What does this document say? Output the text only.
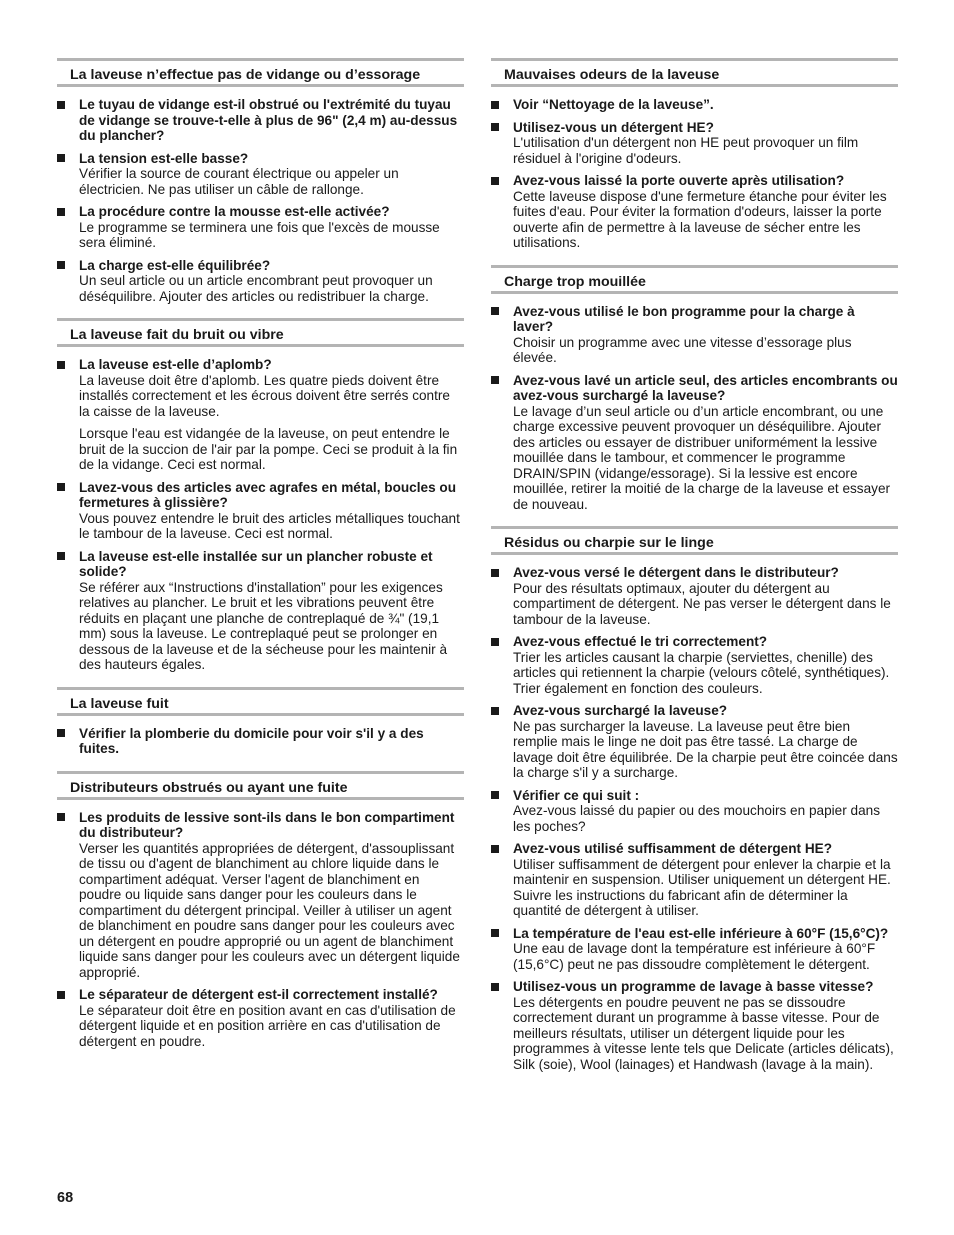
La laveuse n’effectue pas de vidange ou d’essorage
Le tuyau de vidange est-il obstrué ou l'extrémité du tuyau de vidange se trouve-t-elle à plus de 96" (2,4 m) au-dessus du plancher?
La tension est-elle basse?
Vérifier la source de courant électrique ou appeler un électricien. Ne pas utiliser un câble de rallonge.
La procédure contre la mousse est-elle activée?
Le programme se terminera une fois que l'excès de mousse sera éliminé.
La charge est-elle équilibrée?
Un seul article ou un article encombrant peut provoquer un déséquilibre. Ajouter des articles ou redistribuer la charge.
La laveuse fait du bruit ou vibre
La laveuse est-elle d’aplomb?
La laveuse doit être d'aplomb. Les quatre pieds doivent être installés correctement et les écrous doivent être serrés contre la caisse de la laveuse.
Lorsque l'eau est vidangée de la laveuse, on peut entendre le bruit de la succion de l'air par la pompe. Ceci se produit à la fin de la vidange. Ceci est normal.
Lavez-vous des articles avec agrafes en métal, boucles ou fermetures à glissière?
Vous pouvez entendre le bruit des articles métalliques touchant le tambour de la laveuse. Ceci est normal.
La laveuse est-elle installée sur un plancher robuste et solide?
Se référer aux “Instructions d'installation” pour les exigences relatives au plancher. Le bruit et les vibrations peuvent être réduits en plaçant une planche de contreplaqué de ¾" (19,1 mm) sous la laveuse. Le contreplaqué peut se prolonger en dessous de la laveuse et de la sécheuse pour les maintenir à des hauteurs égales.
La laveuse fuit
Vérifier la plomberie du domicile pour voir s'il y a des fuites.
Distributeurs obstrués ou ayant une fuite
Les produits de lessive sont-ils dans le bon compartiment du distributeur?
Verser les quantités appropriées de détergent, d'assouplissant de tissu ou d'agent de blanchiment au chlore liquide dans le compartiment adéquat. Verser l'agent de blanchiment en poudre ou liquide sans danger pour les couleurs dans le compartiment du détergent principal. Veiller à utiliser un agent de blanchiment en poudre sans danger pour les couleurs avec un détergent en poudre approprié ou un agent de blanchiment liquide sans danger pour les couleurs avec un détergent liquide approprié.
Le séparateur de détergent est-il correctement installé?
Le séparateur doit être en position avant en cas d'utilisation de détergent liquide et en position arrière en cas d'utilisation de détergent en poudre.
Mauvaises odeurs de la laveuse
Voir “Nettoyage de la laveuse”.
Utilisez-vous un détergent HE?
L'utilisation d'un détergent non HE peut provoquer un film résiduel à l'origine d'odeurs.
Avez-vous laissé la porte ouverte après utilisation?
Cette laveuse dispose d'une fermeture étanche pour éviter les fuites d'eau. Pour éviter la formation d'odeurs, laisser la porte ouverte afin de permettre à la laveuse de sécher entre les utilisations.
Charge trop mouillée
Avez-vous utilisé le bon programme pour la charge à laver?
Choisir un programme avec une vitesse d’essorage plus élevée.
Avez-vous lavé un article seul, des articles encombrants ou avez-vous surchargé la laveuse?
Le lavage d’un seul article ou d’un article encombrant, ou une charge excessive peuvent provoquer un déséquilibre. Ajouter des articles ou essayer de distribuer uniformément la lessive mouillée dans le tambour, et commencer le programme DRAIN/SPIN (vidange/essorage). Si la lessive est encore mouillée, retirer la moitié de la charge de la laveuse et essayer de nouveau.
Résidus ou charpie sur le linge
Avez-vous versé le détergent dans le distributeur?
Pour des résultats optimaux, ajouter du détergent au compartiment de détergent. Ne pas verser le détergent dans le tambour de la laveuse.
Avez-vous effectué le tri correctement?
Trier les articles causant la charpie (serviettes, chenille) des articles qui retiennent la charpie (velours côtelé, synthétiques). Trier également en fonction des couleurs.
Avez-vous surchargé la laveuse?
Ne pas surcharger la laveuse. La laveuse peut être bien remplie mais le linge ne doit pas être tassé. La charge de lavage doit être équilibrée. De la charpie peut être coincée dans la charge s'il y a surcharge.
Vérifier ce qui suit :
Avez-vous laissé du papier ou des mouchoirs en papier dans les poches?
Avez-vous utilisé suffisamment de détergent HE?
Utiliser suffisamment de détergent pour enlever la charpie et la maintenir en suspension. Utiliser uniquement un détergent HE. Suivre les instructions du fabricant afin de déterminer la quantité de détergent à utiliser.
La température de l'eau est-elle inférieure à 60°F (15,6°C)?
Une eau de lavage dont la température est inférieure à 60°F (15,6°C) peut ne pas dissoudre complètement le détergent.
Utilisez-vous un programme de lavage à basse vitesse?
Les détergents en poudre peuvent ne pas se dissoudre correctement durant un programme à basse vitesse. Pour de meilleurs résultats, utiliser un détergent liquide pour les programmes à vitesse lente tels que Delicate (articles délicats), Silk (soie), Wool (lainages) et Handwash (lavage à la main).
68
